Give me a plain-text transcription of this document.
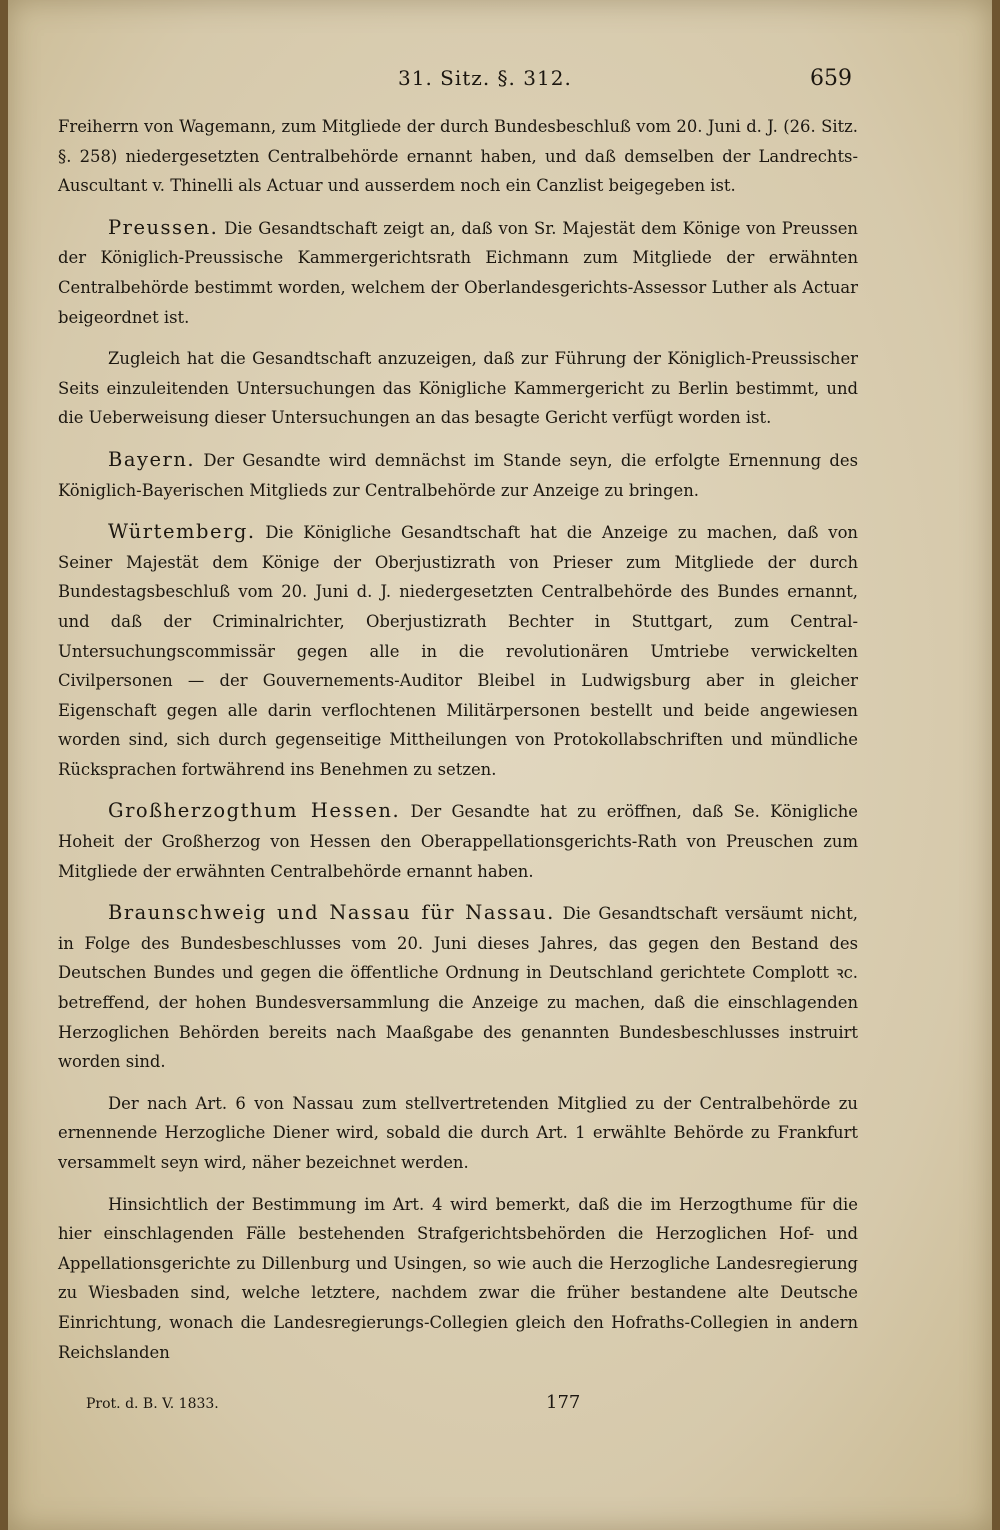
31. Sitz. §. 312.	659

Freiherrn von Wagemann, zum Mitgliede der durch Bundesbeschluß vom 20. Juni d. J. (26. Sitz. §. 258) niedergesetzten Centralbehörde ernannt haben, und daß demselben der Landrechts-Auscultant v. Thinelli als Actuar und ausserdem noch ein Canzlist beigegeben ist.

Preussen. Die Gesandtschaft zeigt an, daß von Sr. Majestät dem Könige von Preussen der Königlich-Preussische Kammergerichtsrath Eichmann zum Mitgliede der erwähnten Centralbehörde bestimmt worden, welchem der Oberlandesgerichts-Assessor Luther als Actuar beigeordnet ist.

Zugleich hat die Gesandtschaft anzuzeigen, daß zur Führung der Königlich-Preussischer Seits einzuleitenden Untersuchungen das Königliche Kammergericht zu Berlin bestimmt, und die Ueberweisung dieser Untersuchungen an das besagte Gericht verfügt worden ist.

Bayern. Der Gesandte wird demnächst im Stande seyn, die erfolgte Ernennung des Königlich-Bayerischen Mitglieds zur Centralbehörde zur Anzeige zu bringen.

Würtemberg. Die Königliche Gesandtschaft hat die Anzeige zu machen, daß von Seiner Majestät dem Könige der Oberjustizrath von Prieser zum Mitgliede der durch Bundestagsbeschluß vom 20. Juni d. J. niedergesetzten Centralbehörde des Bundes ernannt, und daß der Criminalrichter, Oberjustizrath Bechter in Stuttgart, zum Central-Untersuchungscommissär gegen alle in die revolutionären Umtriebe verwickelten Civilpersonen — der Gouvernements-Auditor Bleibel in Ludwigsburg aber in gleicher Eigenschaft gegen alle darin verflochtenen Militärpersonen bestellt und beide angewiesen worden sind, sich durch gegenseitige Mittheilungen von Protokollabschriften und mündliche Rücksprachen fortwährend ins Benehmen zu setzen.

Großherzogthum Hessen. Der Gesandte hat zu eröffnen, daß Se. Königliche Hoheit der Großherzog von Hessen den Oberappellationsgerichts-Rath von Preuschen zum Mitgliede der erwähnten Centralbehörde ernannt haben.

Braunschweig und Nassau für Nassau. Die Gesandtschaft versäumt nicht, in Folge des Bundesbeschlusses vom 20. Juni dieses Jahres, das gegen den Bestand des Deutschen Bundes und gegen die öffentliche Ordnung in Deutschland gerichtete Complott ꝛc. betreffend, der hohen Bundesversammlung die Anzeige zu machen, daß die einschlagenden Herzoglichen Behörden bereits nach Maaßgabe des genannten Bundesbeschlusses instruirt worden sind.

Der nach Art. 6 von Nassau zum stellvertretenden Mitglied zu der Centralbehörde zu ernennende Herzogliche Diener wird, sobald die durch Art. 1 erwählte Behörde zu Frankfurt versammelt seyn wird, näher bezeichnet werden.

Hinsichtlich der Bestimmung im Art. 4 wird bemerkt, daß die im Herzogthume für die hier einschlagenden Fälle bestehenden Strafgerichtsbehörden die Herzoglichen Hof- und Appellationsgerichte zu Dillenburg und Usingen, so wie auch die Herzogliche Landesregierung zu Wiesbaden sind, welche letztere, nachdem zwar die früher bestandene alte Deutsche Einrichtung, wonach die Landesregierungs-Collegien gleich den Hofraths-Collegien in andern Reichslanden

Prot. d. B. V. 1833.	177
